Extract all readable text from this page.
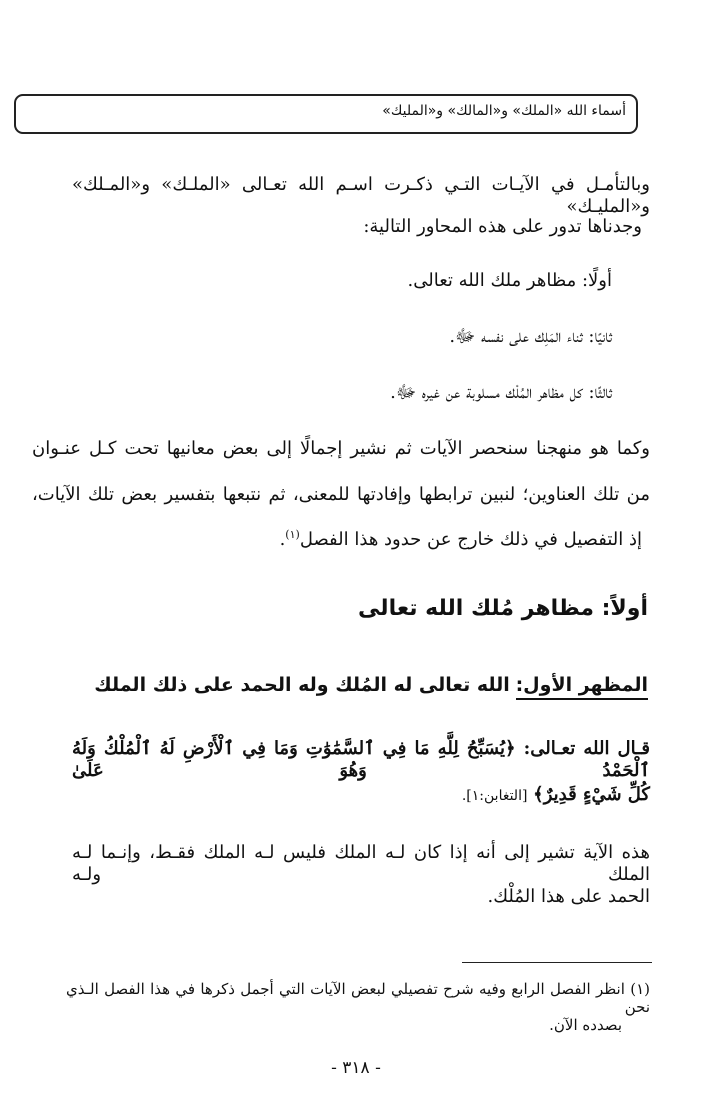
أسماء الله «الملك» و«المالك» و«المليك»
وبالتأمـل في الآيـات التـي ذكـرت اسـم الله تعـالى «الملـك» و«المـلك» و«المليـك»
وجدناها تدور على هذه المحاور التالية:
أولًا: مظاهر ملك الله تعالى.
ثانيًا: ثناء المَلِك على نفسه ﷻ.
ثالثًا: كل مظاهر المُلْك مسلوبة عن غيره ﷻ.
وكما هو منهجنا سنحصر الآيات ثم نشير إجمالًا إلى بعض معانيها تحت كـل عنـوان
من تلك العناوين؛ لنبين ترابطها وإفادتها للمعنى، ثم نتبعها بتفسير بعض تلك الآيات،
إذ التفصيل في ذلك خارج عن حدود هذا الفصل$^{(١)}$.
أولاً: مظاهر مُلك الله تعالى
المظهر الأول: الله تعالى له المُلك وله الحمد على ذلك الملك
قـال الله تعـالى: ﴿يُسَبِّحُ لِلَّهِ مَا فِي ٱلسَّمَٰوَٰتِ وَمَا فِي ٱلْأَرْضِ لَهُ ٱلْمُلْكُ وَلَهُ ٱلْحَمْدُ وَهُوَ عَلَىٰ
كُلِّ شَيْءٍ قَدِيرٌ﴾ [التغابن:١].
هذه الآية تشير إلى أنه إذا كان لـه الملك فليس لـه الملك فقـط، وإنـما لـه الملك ولـه
الحمد على هذا المُلْك.
(١) انظر الفصل الرابع وفيه شرح تفصيلي لبعض الآيات التي أجمل ذكرها في هذا الفصل الـذي نحن
بصدده الآن.
- ٣١٨ -
